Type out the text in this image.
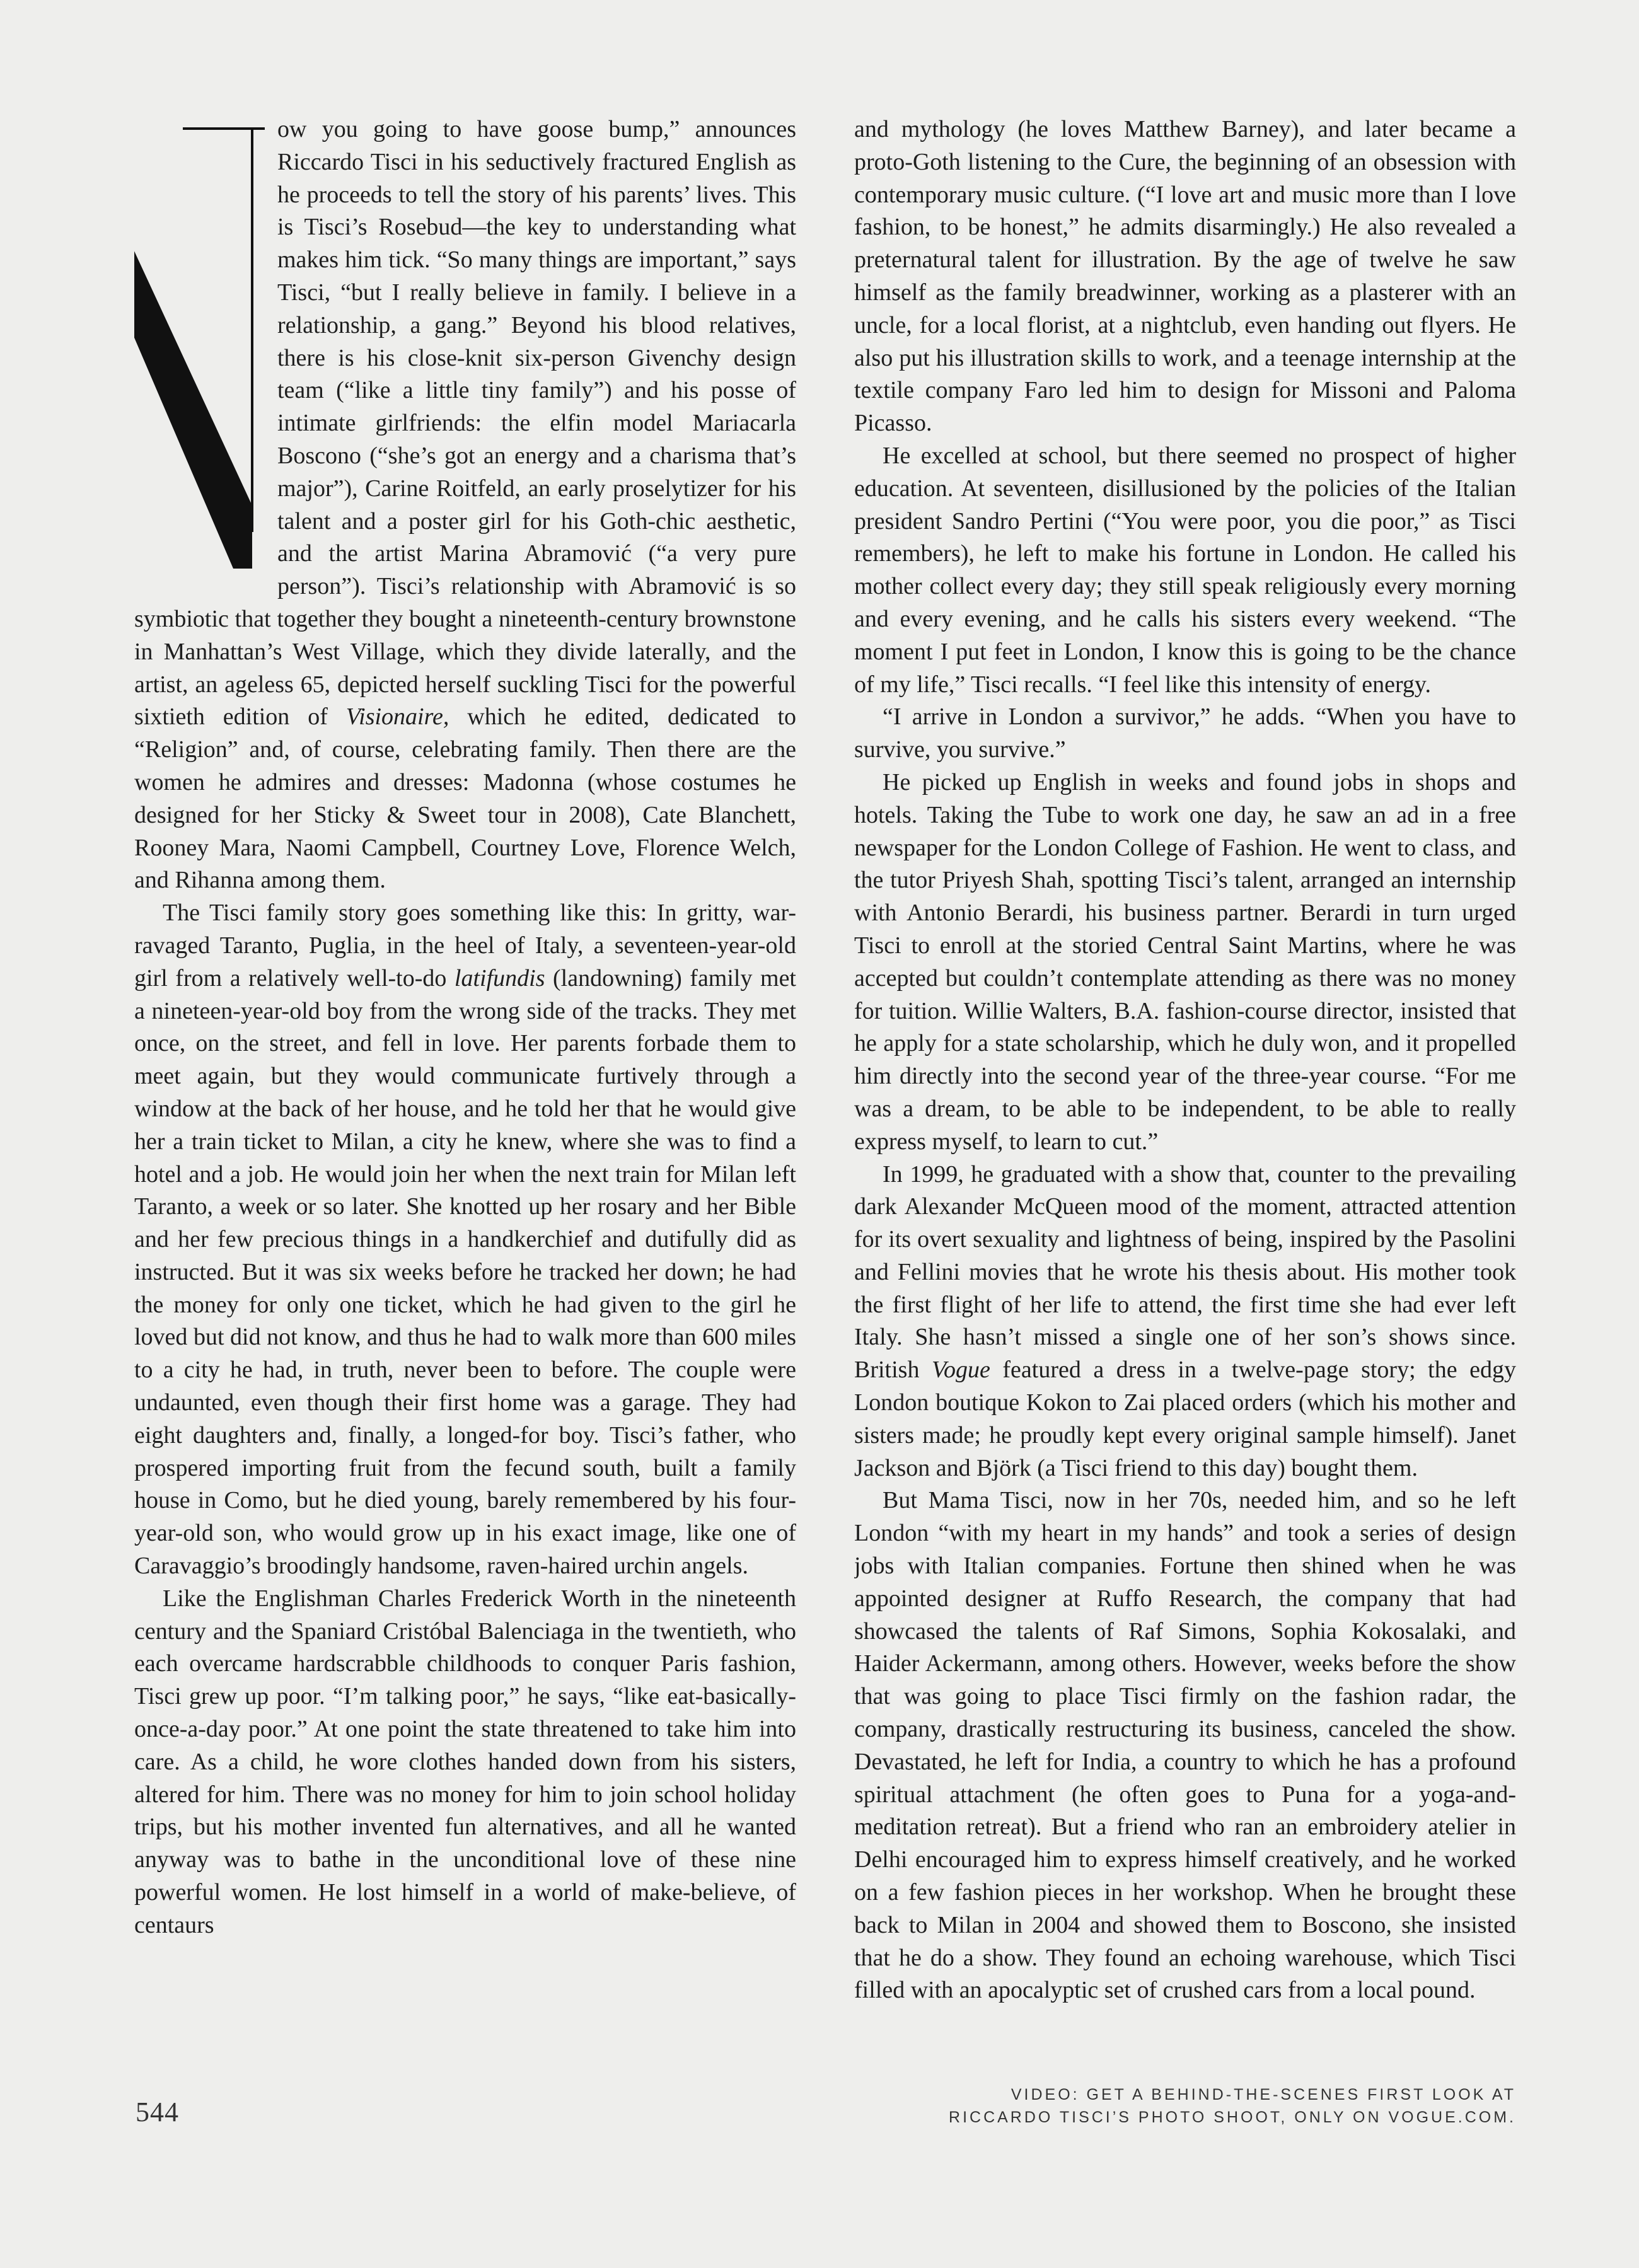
ow you going to have goose bump,” announces Riccardo Tisci in his seductively fractured English as he proceeds to tell the story of his parents’ lives. This is Tisci’s Rosebud—the key to understanding what makes him tick. “So many things are important,” says Tisci, “but I really believe in family. I believe in a relationship, a gang.” Beyond his blood relatives, there is his close-knit six-person Givenchy design team (“like a little tiny family”) and his posse of intimate girlfriends: the elfin model Mariacarla Boscono (“she’s got an energy and a charisma that’s major”), Carine Roitfeld, an early proselytizer for his talent and a poster girl for his Goth-chic aesthetic, and the artist Marina Abramović (“a very pure person”). Tisci’s relationship with Abramović is so symbiotic that together they bought a nineteenth-century brownstone in Manhattan’s West Village, which they divide laterally, and the artist, an ageless 65, depicted herself suckling Tisci for the powerful sixtieth edition of Visionaire, which he edited, dedicated to “Religion” and, of course, celebrating family. Then there are the women he admires and dresses: Madonna (whose costumes he designed for her Sticky & Sweet tour in 2008), Cate Blanchett, Rooney Mara, Naomi Campbell, Courtney Love, Florence Welch, and Rihanna among them.

The Tisci family story goes something like this: In gritty, war-ravaged Taranto, Puglia, in the heel of Italy, a seventeen-year-old girl from a relatively well-to-do latifundis (landowning) family met a nineteen-year-old boy from the wrong side of the tracks. They met once, on the street, and fell in love. Her parents forbade them to meet again, but they would communicate furtively through a window at the back of her house, and he told her that he would give her a train ticket to Milan, a city he knew, where she was to find a hotel and a job. He would join her when the next train for Milan left Taranto, a week or so later. She knotted up her rosary and her Bible and her few precious things in a handkerchief and dutifully did as instructed. But it was six weeks before he tracked her down; he had the money for only one ticket, which he had given to the girl he loved but did not know, and thus he had to walk more than 600 miles to a city he had, in truth, never been to before. The couple were undaunted, even though their first home was a garage. They had eight daughters and, finally, a longed-for boy. Tisci’s father, who prospered importing fruit from the fecund south, built a family house in Como, but he died young, barely remembered by his four-year-old son, who would grow up in his exact image, like one of Caravaggio’s broodingly handsome, raven-haired urchin angels.

Like the Englishman Charles Frederick Worth in the nineteenth century and the Spaniard Cristóbal Balenciaga in the twentieth, who each overcame hardscrabble childhoods to conquer Paris fashion, Tisci grew up poor. “I’m talking poor,” he says, “like eat-basically-once-a-day poor.” At one point the state threatened to take him into care. As a child, he wore clothes handed down from his sisters, altered for him. There was no money for him to join school holiday trips, but his mother invented fun alternatives, and all he wanted anyway was to bathe in the unconditional love of these nine powerful women. He lost himself in a world of make-believe, of centaurs

and mythology (he loves Matthew Barney), and later became a proto-Goth listening to the Cure, the beginning of an obsession with contemporary music culture. (“I love art and music more than I love fashion, to be honest,” he admits disarmingly.) He also revealed a preternatural talent for illustration. By the age of twelve he saw himself as the family breadwinner, working as a plasterer with an uncle, for a local florist, at a nightclub, even handing out flyers. He also put his illustration skills to work, and a teenage internship at the textile company Faro led him to design for Missoni and Paloma Picasso.

He excelled at school, but there seemed no prospect of higher education. At seventeen, disillusioned by the policies of the Italian president Sandro Pertini (“You were poor, you die poor,” as Tisci remembers), he left to make his fortune in London. He called his mother collect every day; they still speak religiously every morning and every evening, and he calls his sisters every weekend. “The moment I put feet in London, I know this is going to be the chance of my life,” Tisci recalls. “I feel like this intensity of energy.

“I arrive in London a survivor,” he adds. “When you have to survive, you survive.”

He picked up English in weeks and found jobs in shops and hotels. Taking the Tube to work one day, he saw an ad in a free newspaper for the London College of Fashion. He went to class, and the tutor Priyesh Shah, spotting Tisci’s talent, arranged an internship with Antonio Berardi, his business partner. Berardi in turn urged Tisci to enroll at the storied Central Saint Martins, where he was accepted but couldn’t contemplate attending as there was no money for tuition. Willie Walters, B.A. fashion-course director, insisted that he apply for a state scholarship, which he duly won, and it propelled him directly into the second year of the three-year course. “For me was a dream, to be able to be independent, to be able to really express myself, to learn to cut.”

In 1999, he graduated with a show that, counter to the prevailing dark Alexander McQueen mood of the moment, attracted attention for its overt sexuality and lightness of being, inspired by the Pasolini and Fellini movies that he wrote his thesis about. His mother took the first flight of her life to attend, the first time she had ever left Italy. She hasn’t missed a single one of her son’s shows since. British Vogue featured a dress in a twelve-page story; the edgy London boutique Kokon to Zai placed orders (which his mother and sisters made; he proudly kept every original sample himself). Janet Jackson and Björk (a Tisci friend to this day) bought them.

But Mama Tisci, now in her 70s, needed him, and so he left London “with my heart in my hands” and took a series of design jobs with Italian companies. Fortune then shined when he was appointed designer at Ruffo Research, the company that had showcased the talents of Raf Simons, Sophia Kokosalaki, and Haider Ackermann, among others. However, weeks before the show that was going to place Tisci firmly on the fashion radar, the company, drastically restructuring its business, canceled the show. Devastated, he left for India, a country to which he has a profound spiritual attachment (he often goes to Puna for a yoga-and-meditation retreat). But a friend who ran an embroidery atelier in Delhi encouraged him to express himself creatively, and he worked on a few fashion pieces in her workshop. When he brought these back to Milan in 2004 and showed them to Boscono, she insisted that he do a show. They found an echoing warehouse, which Tisci filled with an apocalyptic set of crushed cars from a local pound.

544
VIDEO: GET A BEHIND-THE-SCENES FIRST LOOK AT
RICCARDO TISCI’S PHOTO SHOOT, ONLY ON VOGUE.COM.
